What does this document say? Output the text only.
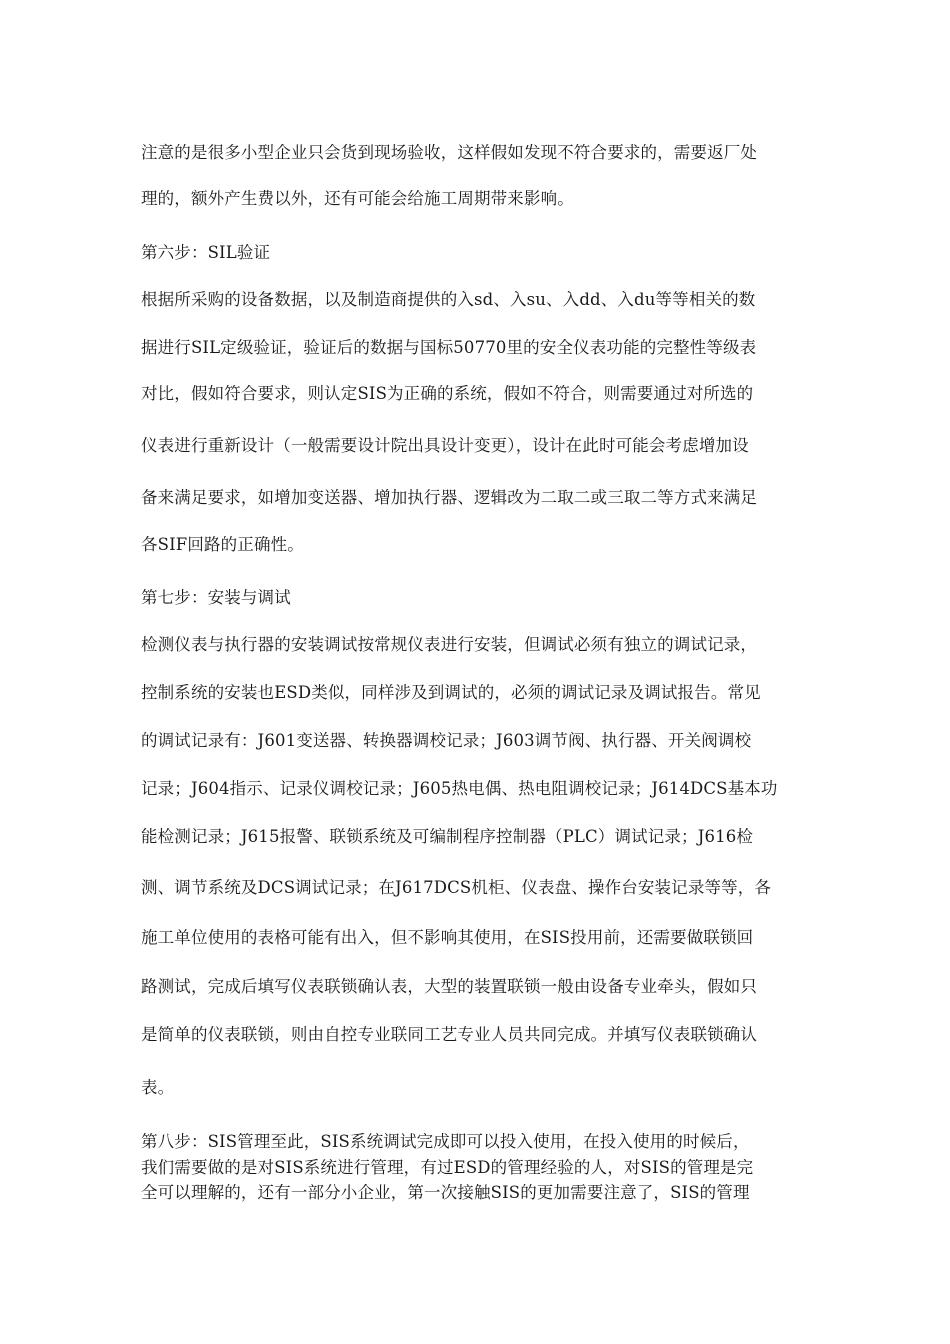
注意的是很多小型企业只会货到现场验收，这样假如发现不符合要求的，需要返厂处
理的，额外产生费以外，还有可能会给施工周期带来影响。
第六步：SIL验证
根据所采购的设备数据，以及制造商提供的入sd、入su、入dd、入du等等相关的数
据进行SIL定级验证，验证后的数据与国标50770里的安全仪表功能的完整性等级表
对比，假如符合要求，则认定SIS为正确的系统，假如不符合，则需要通过对所选的
仪表进行重新设计（一般需要设计院出具设计变更），设计在此时可能会考虑增加设
备来满足要求，如增加变送器、增加执行器、逻辑改为二取二或三取二等方式来满足
各SIF回路的正确性。
第七步：安装与调试
检测仪表与执行器的安装调试按常规仪表进行安装，但调试必须有独立的调试记录，
控制系统的安装也ESD类似，同样涉及到调试的，必须的调试记录及调试报告。常见
的调试记录有：J601变送器、转换器调校记录；J603调节阀、执行器、开关阀调校
记录；J604指示、记录仪调校记录；J605热电偶、热电阻调校记录；J614DCS基本功
能检测记录；J615报警、联锁系统及可编制程序控制器（PLC）调试记录；J616检
测、调节系统及DCS调试记录；在J617DCS机柜、仪表盘、操作台安装记录等等，各
施工单位使用的表格可能有出入，但不影响其使用，在SIS投用前，还需要做联锁回
路测试，完成后填写仪表联锁确认表，大型的装置联锁一般由设备专业牵头，假如只
是简单的仪表联锁，则由自控专业联同工艺专业人员共同完成。并填写仪表联锁确认
表。
第八步：SIS管理至此，SIS系统调试完成即可以投入使用，在投入使用的时候后，
我们需要做的是对SIS系统进行管理，有过ESD的管理经验的人，对SIS的管理是完
全可以理解的，还有一部分小企业，第一次接触SIS的更加需要注意了，SIS的管理
